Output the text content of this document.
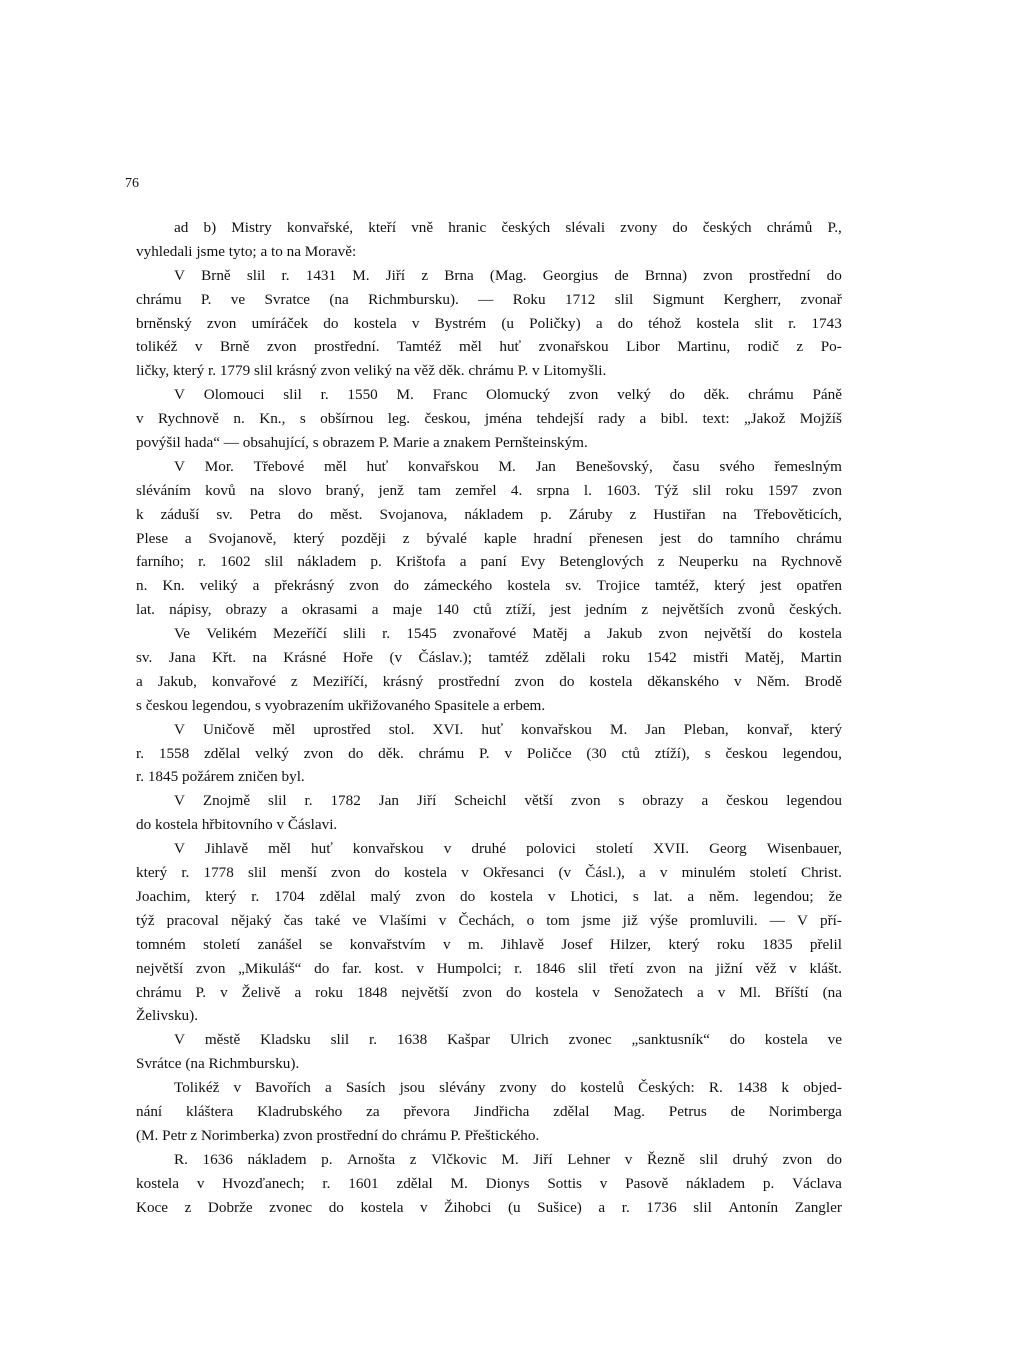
76

ad b) Mistry konvařské, kteří vně hranic českých slévali zvony do českých chrámů P.,

vyhledali jsme tyto; a to na Moravě:

V Brně slil r. 1431 M. Jiří z Brna (Mag. Georgius de Brnna) zvon prostřední do

chrámu P. ve Svratce (na Richmbursku). — Roku 1712 slil Sigmunt Kergherr, zvonař

brněnský zvon umíráček do kostela v Bystrém (u Poličky) a do téhož kostela slit r. 1743

tolikéž v Brně zvon prostřední. Tamtéž měl huť zvonařskou Libor Martinu, rodič z Po-

ličky, který r. 1779 slil krásný zvon veliký na věž děk. chrámu P. v Litomyšli.

V Olomouci slil r. 1550 M. Franc Olomucký zvon velký do děk. chrámu Páně

v Rychnově n. Kn., s obšírnou leg. českou, jména tehdejší rady a bibl. text: „Jakož Mojžíš

povýšil hada“ — obsahující, s obrazem P. Marie a znakem Pernšteinským.

V Mor. Třebové měl huť konvařskou M. Jan Benešovský, času svého řemeslným

sléváním kovů na slovo braný, jenž tam zemřel 4. srpna l. 1603. Týž slil roku 1597 zvon

k záduší sv. Petra do měst. Svojanova, nákladem p. Záruby z Hustiřan na Třebověticích,

Plese a Svojanově, který později z bývalé kaple hradní přenesen jest do tamního chrámu

farního; r. 1602 slil nákladem p. Krištofa a paní Evy Betenglových z Neuperku na Rychnově

n. Kn. veliký a překrásný zvon do zámeckého kostela sv. Trojice tamtéž, který jest opatřen

lat. nápisy, obrazy a okrasami a maje 140 ctů ztíží, jest jedním z největších zvonů českých.

Ve Velikém Mezeříčí slili r. 1545 zvonařové Matěj a Jakub zvon největší do kostela

sv. Jana Křt. na Krásné Hoře (v Čáslav.); tamtéž zdělali roku 1542 mistři Matěj, Martin

a Jakub, konvařové z Meziříčí, krásný prostřední zvon do kostela děkanského v Něm. Brodě

s českou legendou, s vyobrazením ukřižovaného Spasitele a erbem.

V Uničově měl uprostřed stol. XVI. huť konvařskou M. Jan Pleban, konvař, který

r. 1558 zdělal velký zvon do děk. chrámu P. v Poličce (30 ctů ztíží), s českou legendou,

r. 1845 požárem zničen byl.

V Znojmě slil r. 1782 Jan Jiří Scheichl větší zvon s obrazy a českou legendou

do kostela hřbitovního v Čáslavi.

V Jihlavě měl huť konvařskou v druhé polovici století XVII. Georg Wisenbauer,

který r. 1778 slil menší zvon do kostela v Okřesanci (v Čásl.), a v minulém století Christ.

Joachim, který r. 1704 zdělal malý zvon do kostela v Lhotici, s lat. a něm. legendou; že

týž pracoval nějaký čas také ve Vlašími v Čechách, o tom jsme již výše promluvili. — V pří-

tomném století zanášel se konvařstvím v m. Jihlavě Josef Hilzer, který roku 1835 přelil

největší zvon „Mikuláš“ do far. kost. v Humpolci; r. 1846 slil třetí zvon na jižní věž v klášt.

chrámu P. v Želivě a roku 1848 největší zvon do kostela v Senožatech a v Ml. Bříští (na

Želivsku).

V městě Kladsku slil r. 1638 Kašpar Ulrich zvonec „sanktusník“ do kostela ve

Svrátce (na Richmbursku).

Tolikéž v Bavořích a Sasích jsou slévány zvony do kostelů Českých: R. 1438 k objed-

nání kláštera Kladrubského za převora Jindřicha zdělal Mag. Petrus de Norimberga

(M. Petr z Norimberka) zvon prostřední do chrámu P. Přeštického.

R. 1636 nákladem p. Arnošta z Vlčkovic M. Jiří Lehner v Řezně slil druhý zvon do

kostela v Hvozďanech; r. 1601 zdělal M. Dionys Sottis v Pasově nákladem p. Václava

Koce z Dobrže zvonec do kostela v Žihobci (u Sušice) a r. 1736 slil Antonín Zangler
